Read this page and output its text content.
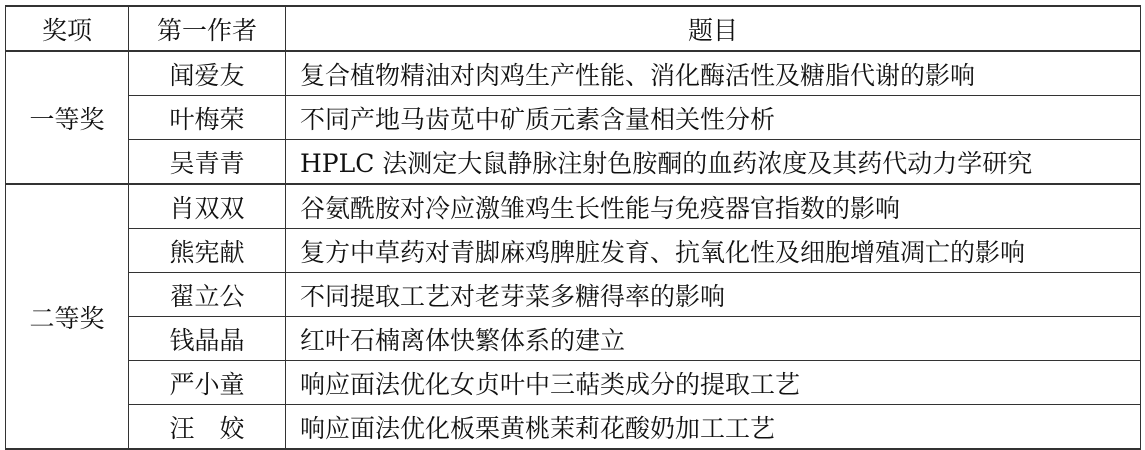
奖项	第一作者	题目
一等奖	闻爱友	复合植物精油对肉鸡生产性能、消化酶活性及糖脂代谢的影响
	叶梅荣	不同产地马齿苋中矿质元素含量相关性分析
	吴青青	HPLC 法测定大鼠静脉注射色胺酮的血药浓度及其药代动力学研究
二等奖	肖双双	谷氨酰胺对冷应激雏鸡生长性能与免疫器官指数的影响
	熊宪献	复方中草药对青脚麻鸡脾脏发育、抗氧化性及细胞增殖凋亡的影响
	翟立公	不同提取工艺对老芽菜多糖得率的影响
	钱晶晶	红叶石楠离体快繁体系的建立
	严小童	响应面法优化女贞叶中三萜类成分的提取工艺
	汪　姣	响应面法优化板栗黄桃茉莉花酸奶加工工艺
